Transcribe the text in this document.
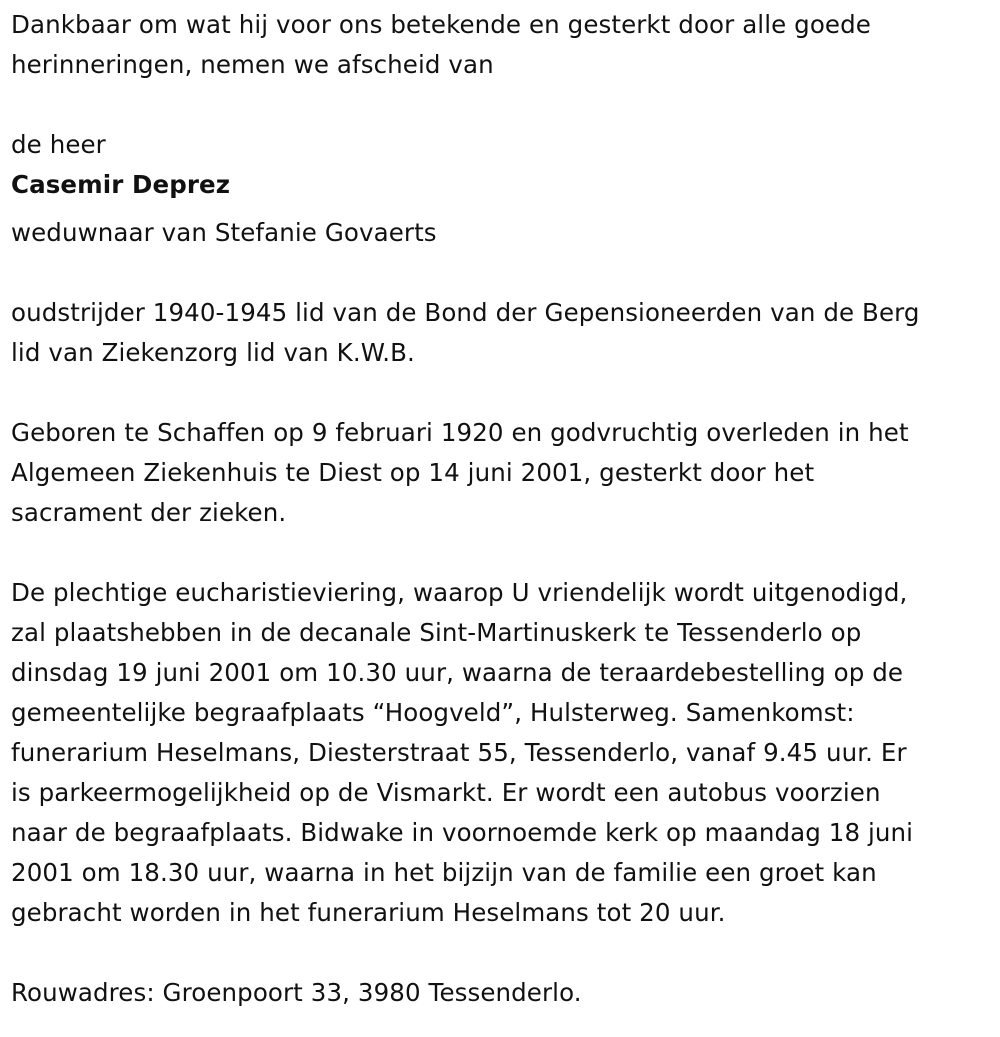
Dankbaar om wat hij voor ons betekende en gesterkt door alle goede
herinneringen, nemen we afscheid van
de heer
Casemir Deprez
weduwnaar van Stefanie Govaerts
oudstrijder 1940-1945 lid van de Bond der Gepensioneerden van de Berg
lid van Ziekenzorg lid van K.W.B.
Geboren te Schaffen op 9 februari 1920 en godvruchtig overleden in het
Algemeen Ziekenhuis te Diest op 14 juni 2001, gesterkt door het
sacrament der zieken.
De plechtige eucharistieviering, waarop U vriendelijk wordt uitgenodigd,
zal plaatshebben in de decanale Sint-Martinuskerk te Tessenderlo op
dinsdag 19 juni 2001 om 10.30 uur, waarna de teraardebestelling op de
gemeentelijke begraafplaats “Hoogveld”, Hulsterweg. Samenkomst:
funerarium Heselmans, Diesterstraat 55, Tessenderlo, vanaf 9.45 uur. Er
is parkeermogelijkheid op de Vismarkt. Er wordt een autobus voorzien
naar de begraafplaats. Bidwake in voornoemde kerk op maandag 18 juni
2001 om 18.30 uur, waarna in het bijzijn van de familie een groet kan
gebracht worden in het funerarium Heselmans tot 20 uur.
Rouwadres: Groenpoort 33, 3980 Tessenderlo.
